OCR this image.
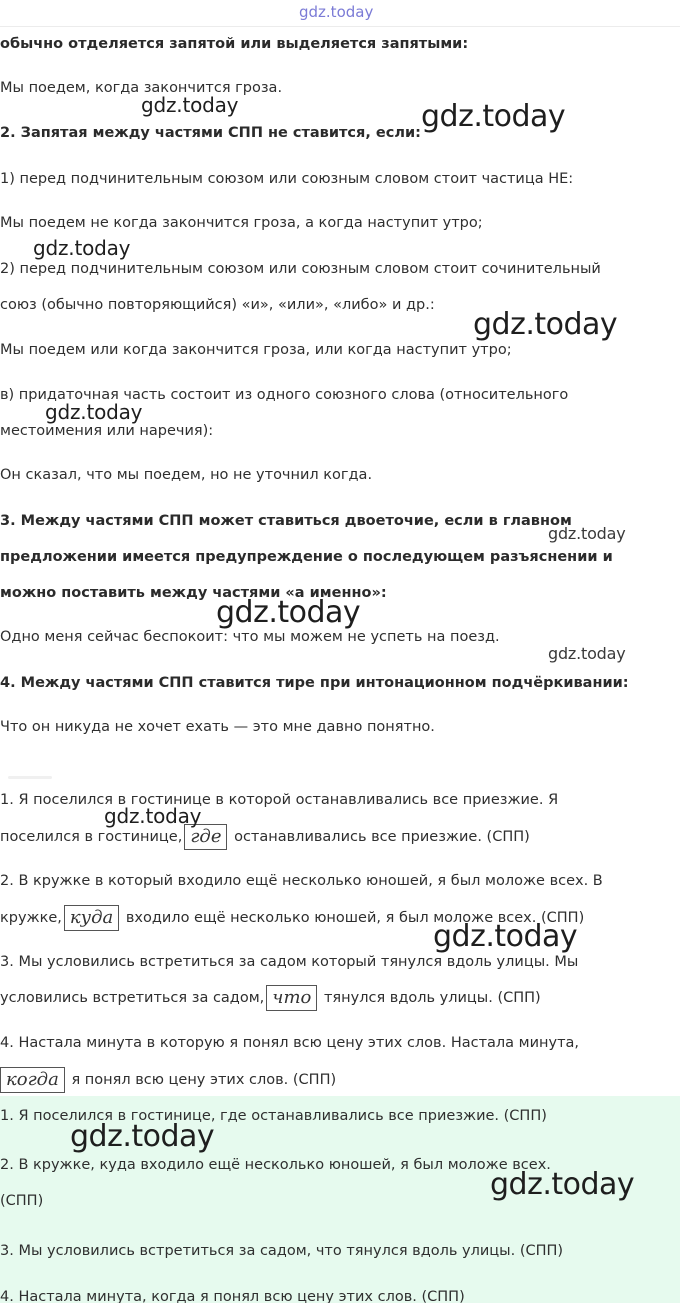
gdz.today
обычно отделяется запятой или выделяется запятыми:
Мы поедем, когда закончится гроза.
2. Запятая между частями СПП не ставится, если:
1) перед подчинительным союзом или союзным словом стоит частица НЕ:
Мы поедем не когда закончится гроза, а когда наступит утро;
2) перед подчинительным союзом или союзным словом стоит сочинительный
союз (обычно повторяющийся) «и», «или», «либо» и др.:
Мы поедем или когда закончится гроза, или когда наступит утро;
в) придаточная часть состоит из одного союзного слова (относительного
местоимения или наречия):
Он сказал, что мы поедем, но не уточнил когда.
3. Между частями СПП может ставиться двоеточие, если в главном
предложении имеется предупреждение о последующем разъяснении и
можно поставить между частями «а именно»:
Одно меня сейчас беспокоит: что мы можем не успеть на поезд.
4. Между частями СПП ставится тире при интонационном подчёркивании:
Что он никуда не хочет ехать — это мне давно понятно.
1. Я поселился в гостинице в которой останавливались все приезжие. Я
поселился в гостинице, где останавливались все приезжие. (СПП)
2. В кружке в который входило ещё несколько юношей, я был моложе всех. В
кружке, куда входило ещё несколько юношей, я был моложе всех. (СПП)
3. Мы условились встретиться за садом который тянулся вдоль улицы. Мы
условились встретиться за садом, что тянулся вдоль улицы. (СПП)
4. Настала минута в которую я понял всю цену этих слов. Настала минута,
когда я понял всю цену этих слов. (СПП)
1. Я поселился в гостинице, где останавливались все приезжие. (СПП)
2. В кружке, куда входило ещё несколько юношей, я был моложе всех.
(СПП)
3. Мы условились встретиться за садом, что тянулся вдоль улицы. (СПП)
4. Настала минута, когда я понял всю цену этих слов. (СПП)
gdz.today	gdz.today
gdz.today
gdz.today
gdz.today
gdz.today
gdz.today
gdz.today
gdz.today
gdz.today
gdz.today
gdz.today
